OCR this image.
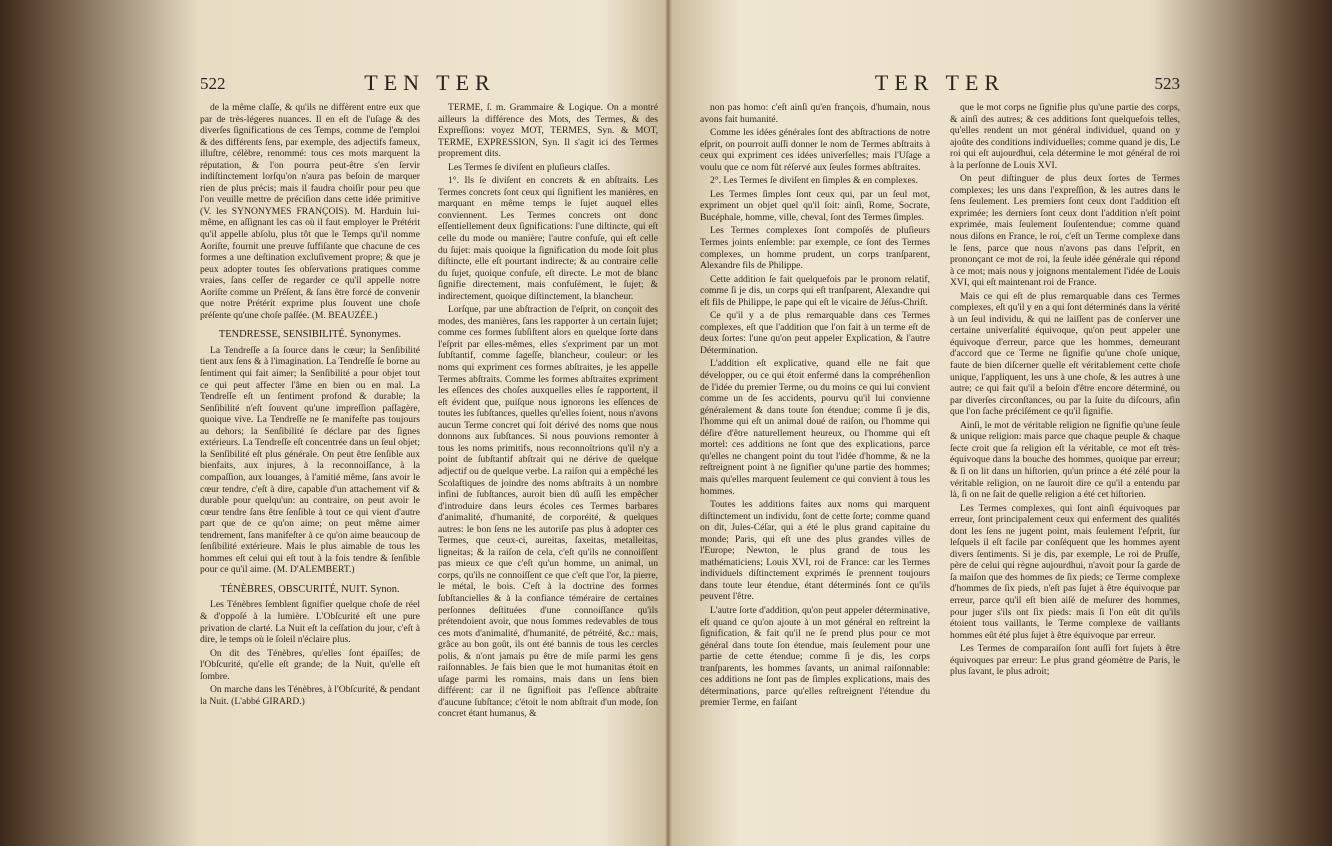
522	TEN TER

de la même claſſe, & qu'ils ne diffèrent entre eux que par de très-légeres nuances. Il en eſt de l'uſage & des diverſes ſignifications de ces Temps, comme de l'emploi & des différents ſens, par exemple, des adjectifs fameux, illuſtre, célèbre, renommé: tous ces mots marquent la réputation, & l'on pourra peut-être s'en ſervir indiſtinctement lorſqu'on n'aura pas beſoin de marquer rien de plus précis; mais il faudra choiſir pour peu que l'on veuille mettre de préciſion dans cette idée primitive (V. les SYNONYMES FRANÇOIS). M. Harduin lui-même, en aſſignant les cas où il faut employer le Prétérit qu'il appelle abſolu, plus tôt que le Temps qu'il nomme Aoriſte, fournit une preuve ſuffiſante que chacune de ces formes a une deſtination excluſivement propre; & que je peux adopter toutes ſes obſervations pratiques comme vraies, ſans ceſſer de regarder ce qu'il appelle notre Aoriſte comme un Préſent, & ſans être forcé de convenir que notre Prétérit exprime plus ſouvent une choſe préſente qu'une choſe paſſée. (M. BEAUZÉE.)

TENDRESSE, SENSIBILITÉ. Synonymes.

La Tendreſſe a ſa ſource dans le cœur; la Senſibilité tient aux ſens & à l'imagination. La Tendreſſe ſe borne au ſentiment qui fait aimer; la Senſibilité a pour objet tout ce qui peut affecter l'âme en bien ou en mal. La Tendreſſe eſt un ſentiment profond & durable; la Senſibilité n'eſt ſouvent qu'une impreſſion paſſagère, quoique vive. La Tendreſſe ne ſe manifeſte pas toujours au dehors; la Senſibilité ſe déclare par des ſignes extérieurs. La Tendreſſe eſt concentrée dans un ſeul objet; la Senſibilité eſt plus générale. On peut être ſenſible aux bienfaits, aux injures, à la reconnoiſſance, à la compaſſion, aux louanges, à l'amitié même, ſans avoir le cœur tendre, c'eſt à dire, capable d'un attachement vif & durable pour quelqu'un: au contraire, on peut avoir le cœur tendre ſans être ſenſible à tout ce qui vient d'autre part que de ce qu'on aime; on peut même aimer tendrement, ſans manifeſter à ce qu'on aime beaucoup de ſenſibilité extérieure. Mais le plus aimable de tous les hommes eſt celui qui eſt tout à la fois tendre & ſenſible pour ce qu'il aime. (M. D'ALEMBERT.)

TÉNÈBRES, OBSCURITÉ, NUIT. Synon.

Les Ténèbres ſemblent ſignifier quelque choſe de réel & d'oppoſé à la lumière. L'Obſcurité eſt une pure privation de clarté. La Nuit eſt la ceſſation du jour, c'eſt à dire, le temps où le ſoleil n'éclaire plus.

On dit des Ténèbres, qu'elles ſont épaiſſes; de l'Obſcurité, qu'elle eſt grande; de la Nuit, qu'elle eſt ſombre.

On marche dans les Ténèbres, à l'Obſcurité, & pendant la Nuit. (L'abbé GIRARD.)

TERME, ſ. m. Grammaire & Logique. On a montré ailleurs la différence des Mots, des Termes, & des Expreſſions: voyez MOT, TERMES, Syn. & MOT, TERME, EXPRESSION, Syn. Il s'agit ici des Termes proprement dits.

Les Termes ſe diviſent en pluſieurs claſſes.

1°. Ils ſe diviſent en concrets & en abſtraits. Les Termes concrets ſont ceux qui ſignifient les manières, en marquant en même temps le ſujet auquel elles conviennent. Les Termes concrets ont donc eſſentiellement deux ſignifications: l'une diſtincte, qui eſt celle du mode ou manière; l'autre confuſe, qui eſt celle du ſujet: mais quoique la ſignification du mode ſoit plus diſtincte, elle eſt pourtant indirecte; & au contraire celle du ſujet, quoique confuſe, eſt directe. Le mot de blanc ſignifie directement, mais confuſément, le ſujet; & indirectement, quoique diſtinctement, la blancheur.

Lorſque, par une abſtraction de l'eſprit, on conçoit des modes, des manières, ſans les rapporter à un certain ſujet; comme ces formes ſubſiſtent alors en quelque ſorte dans l'eſprit par elles-mêmes, elles s'expriment par un mot ſubſtantif, comme ſageſſe, blancheur, couleur: or les noms qui expriment ces formes abſtraites, je les appelle Termes abſtraits. Comme les formes abſtraites expriment les eſſences des choſes auxquelles elles ſe rapportent, il eſt évident que, puiſque nous ignorons les eſſences de toutes les ſubſtances, quelles qu'elles ſoient, nous n'avons aucun Terme concret qui ſoit dérivé des noms que nous donnons aux ſubſtances. Si nous pouvions remonter à tous les noms primitifs, nous reconnoîtrions qu'il n'y a point de ſubſtantif abſtrait qui ne dérive de quelque adjectif ou de quelque verbe. La raiſon qui a empêché les Scolaſtiques de joindre des noms abſtraits à un nombre infini de ſubſtances, auroit bien dû auſſi les empêcher d'introduire dans leurs écoles ces Termes barbares d'animalité, d'humanité, de corporéité, & quelques autres: le bon ſens ne les autoriſe pas plus à adopter ces Termes, que ceux-ci, aureitas, ſaxeitas, metalleitas, ligneitas; & la raiſon de cela, c'eſt qu'ils ne connoiſſent pas mieux ce que c'eſt qu'un homme, un animal, un corps, qu'ils ne connoiſſent ce que c'eſt que l'or, la pierre, le métal, le bois. C'eſt à la doctrine des formes ſubſtancielles & à la confiance téméraire de certaines perſonnes deſtituées d'une connoiſſance qu'ils prétendoient avoir, que nous ſommes redevables de tous ces mots d'animalité, d'humanité, de pétréité, &c.: mais, grâce au bon goût, ils ont été bannis de tous les cercles polis, & n'ont jamais pu être de miſe parmi les gens raiſonnables. Je fais bien que le mot humanitas étoit en uſage parmi les romains, mais dans un ſens bien différent: car il ne ſignifioit pas l'eſſence abſtraite d'aucune ſubſtance; c'étoit le nom abſtrait d'un mode, ſon concret étant humanus, &

TER TER	523

non pas homo: c'eſt ainſi qu'en françois, d'humain, nous avons fait humanité.

Comme les idées générales ſont des abſtractions de notre eſprit, on pourroit auſſi donner le nom de Termes abſtraits à ceux qui expriment ces idées univerſelles; mais l'Uſage a voulu que ce nom fût réſervé aux ſeules formes abſtraites.

2°. Les Termes ſe diviſent en ſimples & en complexes.

Les Termes ſimples ſont ceux qui, par un ſeul mot, expriment un objet quel qu'il ſoit: ainſi, Rome, Socrate, Bucéphale, homme, ville, cheval, ſont des Termes ſimples.

Les Termes complexes ſont compoſés de pluſieurs Termes joints enſemble: par exemple, ce ſont des Termes complexes, un homme prudent, un corps tranſparent, Alexandre fils de Philippe.

Cette addition ſe fait quelquefois par le pronom relatif, comme ſi je dis, un corps qui eſt tranſparent, Alexandre qui eſt fils de Philippe, le pape qui eſt le vicaire de Jéſus-Chriſt.

Ce qu'il y a de plus remarquable dans ces Termes complexes, eſt que l'addition que l'on fait à un terme eſt de deux ſortes: l'une qu'on peut appeler Explication, & l'autre Détermination.

L'addition eſt explicative, quand elle ne fait que développer, ou ce qui étoit enfermé dans la compréhenſion de l'idée du premier Terme, ou du moins ce qui lui convient comme un de ſes accidents, pourvu qu'il lui convienne généralement & dans toute ſon étendue; comme ſi je dis, l'homme qui eſt un animal doué de raiſon, ou l'homme qui déſire d'être naturellement heureux, ou l'homme qui eſt mortel: ces additions ne ſont que des explications, parce qu'elles ne changent point du tout l'idée d'homme, & ne la reſtreignent point à ne ſignifier qu'une partie des hommes; mais qu'elles marquent ſeulement ce qui convient à tous les hommes.

Toutes les additions faites aux noms qui marquent diſtinctement un individu, ſont de cette ſorte; comme quand on dit, Jules-Céſar, qui a été le plus grand capitaine du monde; Paris, qui eſt une des plus grandes villes de l'Europe; Newton, le plus grand de tous les mathématiciens; Louis XVI, roi de France: car les Termes individuels diſtinctement exprimés ſe prennent toujours dans toute leur étendue, étant déterminés ſont ce qu'ils peuvent l'être.

L'autre ſorte d'addition, qu'on peut appeler déterminative, eſt quand ce qu'on ajoute à un mot général en reſtreint la ſignification, & fait qu'il ne ſe prend plus pour ce mot général dans toute ſon étendue, mais ſeulement pour une partie de cette étendue; comme ſi je dis, les corps tranſparents, les hommes ſavants, un animal raiſonnable: ces additions ne ſont pas de ſimples explications, mais des déterminations, parce qu'elles reſtreignent l'étendue du premier Terme, en faiſant

que le mot corps ne ſignifie plus qu'une partie des corps, & ainſi des autres; & ces additions ſont quelquefois telles, qu'elles rendent un mot général individuel, quand on y ajoûte des conditions individuelles; comme quand je dis, Le roi qui eſt aujourdhui, cela détermine le mot général de roi à la perſonne de Louis XVI.

On peut diſtinguer de plus deux ſortes de Termes complexes; les uns dans l'expreſſion, & les autres dans le ſens ſeulement. Les premiers ſont ceux dont l'addition eſt exprimée; les derniers ſont ceux dont l'addition n'eſt point exprimée, mais ſeulement ſouſentendue; comme quand nous diſons en France, le roi, c'eſt un Terme complexe dans le ſens, parce que nous n'avons pas dans l'eſprit, en prononçant ce mot de roi, la ſeule idée générale qui répond à ce mot; mais nous y joignons mentalement l'idée de Louis XVI, qui eſt maintenant roi de France.

Mais ce qui eſt de plus remarquable dans ces Termes complexes, eſt qu'il y en a qui ſont déterminés dans la vérité à un ſeul individu, & qui ne laiſſent pas de conſerver une certaine univerſalité équivoque, qu'on peut appeler une équivoque d'erreur, parce que les hommes, demeurant d'accord que ce Terme ne ſignifie qu'une choſe unique, faute de bien diſcerner quelle eſt véritablement cette choſe unique, l'appliquent, les uns à une choſe, & les autres à une autre; ce qui fait qu'il a beſoin d'être encore déterminé, ou par diverſes circonſtances, ou par la ſuite du diſcours, afin que l'on ſache préciſément ce qu'il ſignifie.

Ainſi, le mot de véritable religion ne ſignifie qu'une ſeule & unique religion: mais parce que chaque peuple & chaque ſecte croit que ſa religion eſt la véritable, ce mot eſt très-équivoque dans la bouche des hommes, quoique par erreur; & ſi on lit dans un hiſtorien, qu'un prince a été zélé pour la véritable religion, on ne ſauroit dire ce qu'il a entendu par là, ſi on ne ſait de quelle religion a été cet hiſtorien.

Les Termes complexes, qui ſont ainſi équivoques par erreur, ſont principalement ceux qui enferment des qualités dont les ſens ne jugent point, mais ſeulement l'eſprit, ſur leſquels il eſt facile par conſéquent que les hommes ayent divers ſentiments. Si je dis, par exemple, Le roi de Pruſſe, père de celui qui règne aujourdhui, n'avoit pour ſa garde de ſa maiſon que des hommes de ſix pieds; ce Terme complexe d'hommes de ſix pieds, n'eſt pas ſujet à être équivoque par erreur, parce qu'il eſt bien aiſé de meſurer des hommes, pour juger s'ils ont ſix pieds: mais ſi l'on eût dit qu'ils étoient tous vaillants, le Terme complexe de vaillants hommes eût été plus ſujet à être équivoque par erreur.

Les Termes de comparaiſon ſont auſſi fort ſujets à être équivoques par erreur: Le plus grand géomètre de Paris, le plus ſavant, le plus adroit;
